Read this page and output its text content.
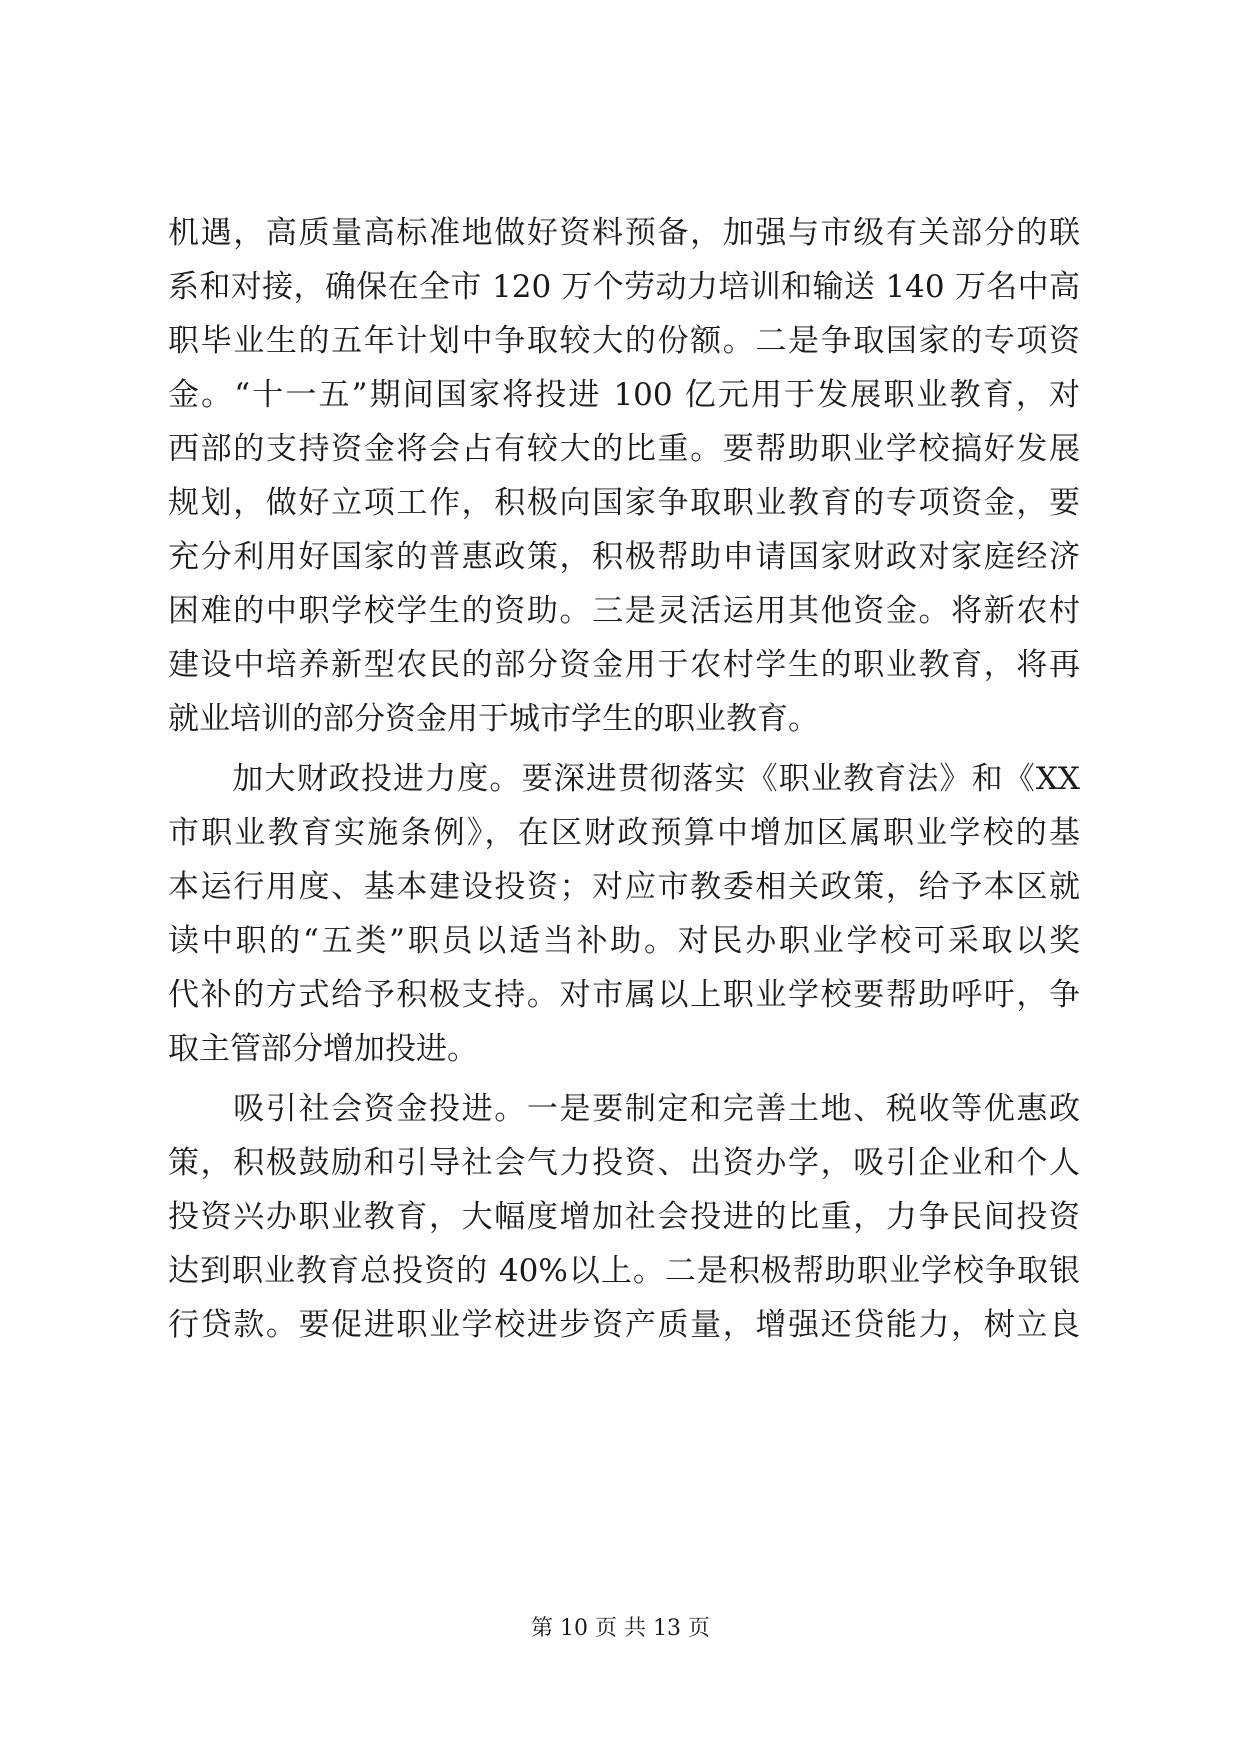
机遇，高质量高标准地做好资料预备，加强与市级有关部分的联
系和对接，确保在全市 120 万个劳动力培训和输送 140 万名中高
职毕业生的五年计划中争取较大的份额。二是争取国家的专项资
金。“十一五”期间国家将投进 100 亿元用于发展职业教育，对
西部的支持资金将会占有较大的比重。要帮助职业学校搞好发展
规划，做好立项工作，积极向国家争取职业教育的专项资金，要
充分利用好国家的普惠政策，积极帮助申请国家财政对家庭经济
困难的中职学校学生的资助。三是灵活运用其他资金。将新农村
建设中培养新型农民的部分资金用于农村学生的职业教育，将再
就业培训的部分资金用于城市学生的职业教育。
　　加大财政投进力度。要深进贯彻落实《职业教育法》和《XX
市职业教育实施条例》，在区财政预算中增加区属职业学校的基
本运行用度、基本建设投资；对应市教委相关政策，给予本区就
读中职的“五类”职员以适当补助。对民办职业学校可采取以奖
代补的方式给予积极支持。对市属以上职业学校要帮助呼吁，争
取主管部分增加投进。
　　吸引社会资金投进。一是要制定和完善土地、税收等优惠政
策，积极鼓励和引导社会气力投资、出资办学，吸引企业和个人
投资兴办职业教育，大幅度增加社会投进的比重，力争民间投资
达到职业教育总投资的 40%以上。二是积极帮助职业学校争取银
行贷款。要促进职业学校进步资产质量，增强还贷能力，树立良
第 10 页 共 13 页
